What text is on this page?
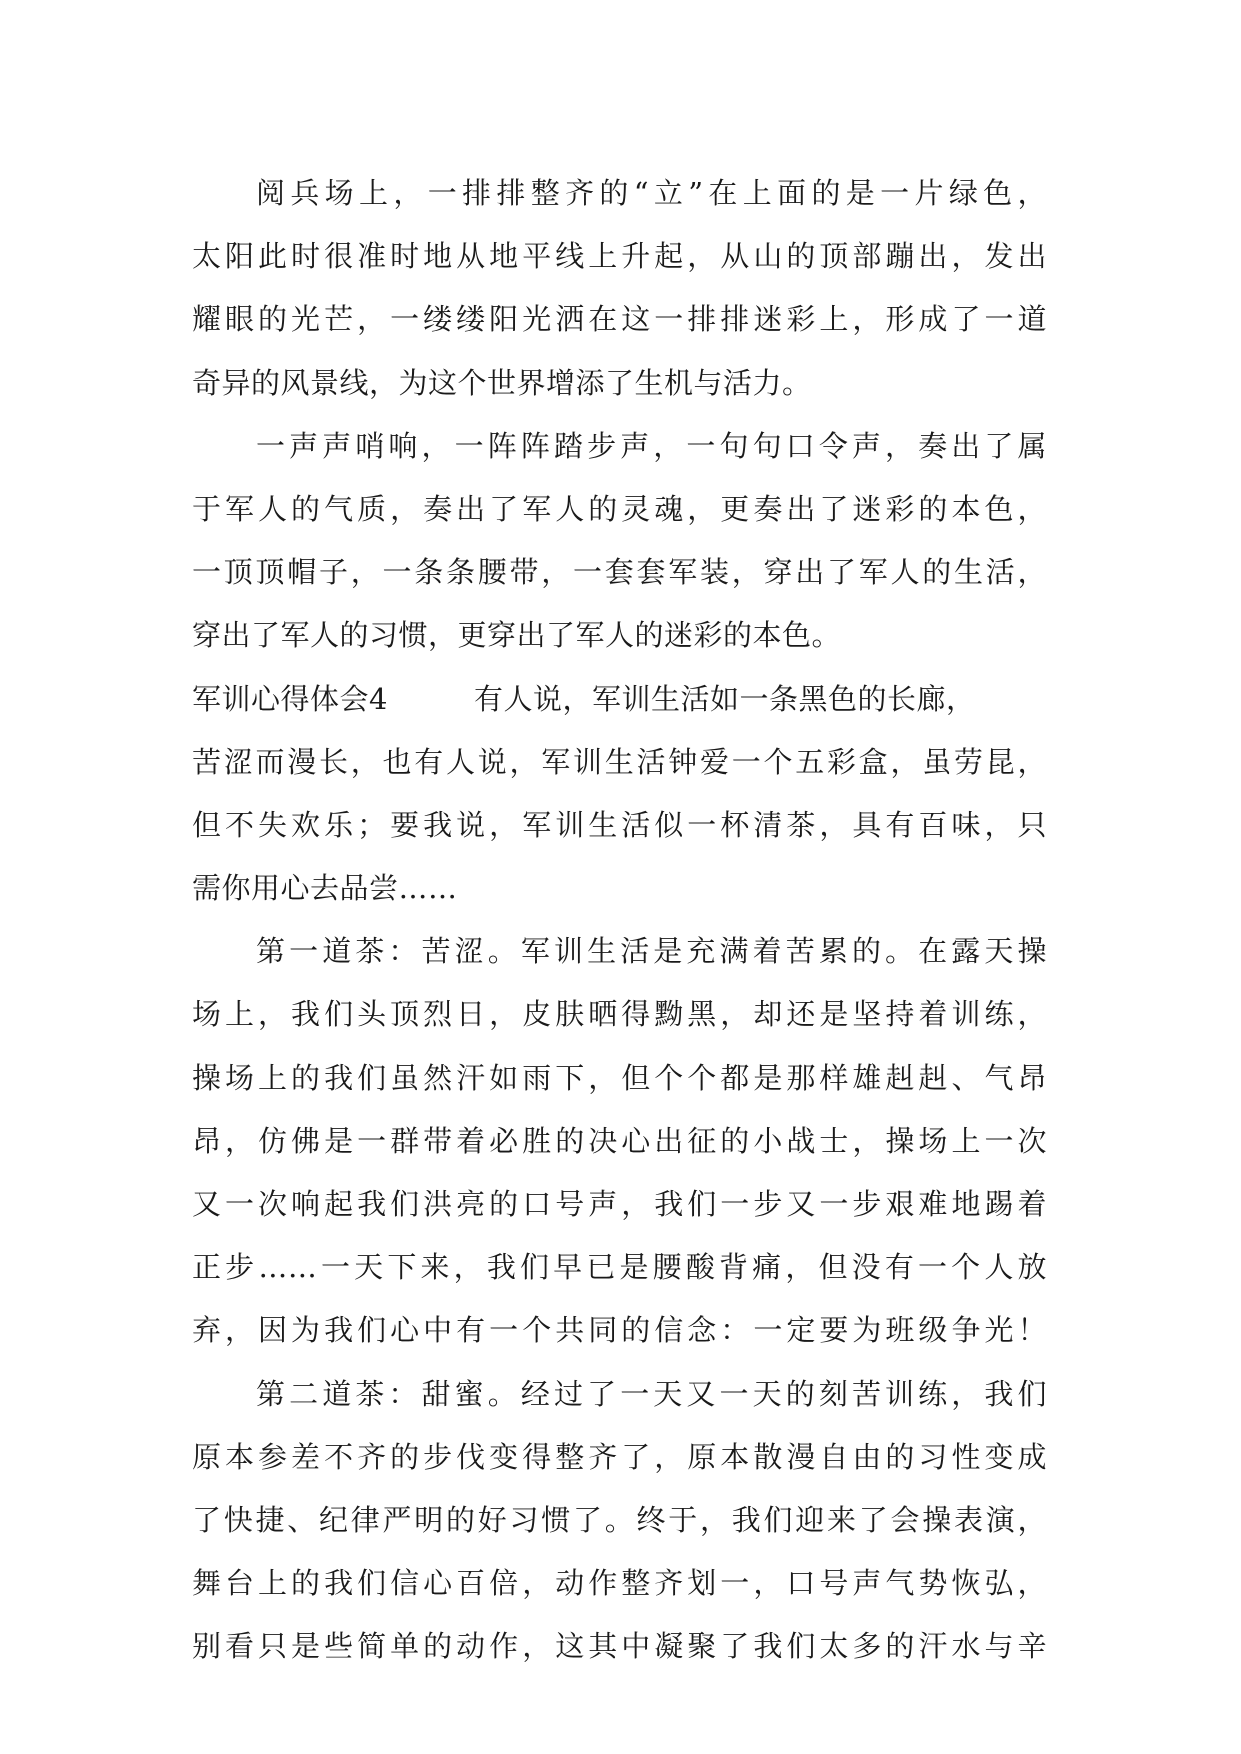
阅兵场上，一排排整齐的“立”在上面的是一片绿色，
太阳此时很准时地从地平线上升起，从山的顶部蹦出，发出
耀眼的光芒，一缕缕阳光洒在这一排排迷彩上，形成了一道
奇异的风景线，为这个世界增添了生机与活力。
一声声哨响，一阵阵踏步声，一句句口令声，奏出了属
于军人的气质，奏出了军人的灵魂，更奏出了迷彩的本色，
一顶顶帽子，一条条腰带，一套套军装，穿出了军人的生活，
穿出了军人的习惯，更穿出了军人的迷彩的本色。
军训心得体会4	有人说，军训生活如一条黑色的长廊，
苦涩而漫长，也有人说，军训生活钟爱一个五彩盒，虽劳昆，
但不失欢乐；要我说，军训生活似一杯清茶，具有百味，只
需你用心去品尝……
第一道茶：苦涩。军训生活是充满着苦累的。在露天操
场上，我们头顶烈日，皮肤晒得黝黑，却还是坚持着训练，
操场上的我们虽然汗如雨下，但个个都是那样雄赳赳、气昂
昂，仿佛是一群带着必胜的决心出征的小战士，操场上一次
又一次响起我们洪亮的口号声，我们一步又一步艰难地踢着
正步……一天下来，我们早已是腰酸背痛，但没有一个人放
弃，因为我们心中有一个共同的信念：一定要为班级争光！
第二道茶：甜蜜。经过了一天又一天的刻苦训练，我们
原本参差不齐的步伐变得整齐了，原本散漫自由的习性变成
了快捷、纪律严明的好习惯了。终于，我们迎来了会操表演，
舞台上的我们信心百倍，动作整齐划一，口号声气势恢弘，
别看只是些简单的动作，这其中凝聚了我们太多的汗水与辛
